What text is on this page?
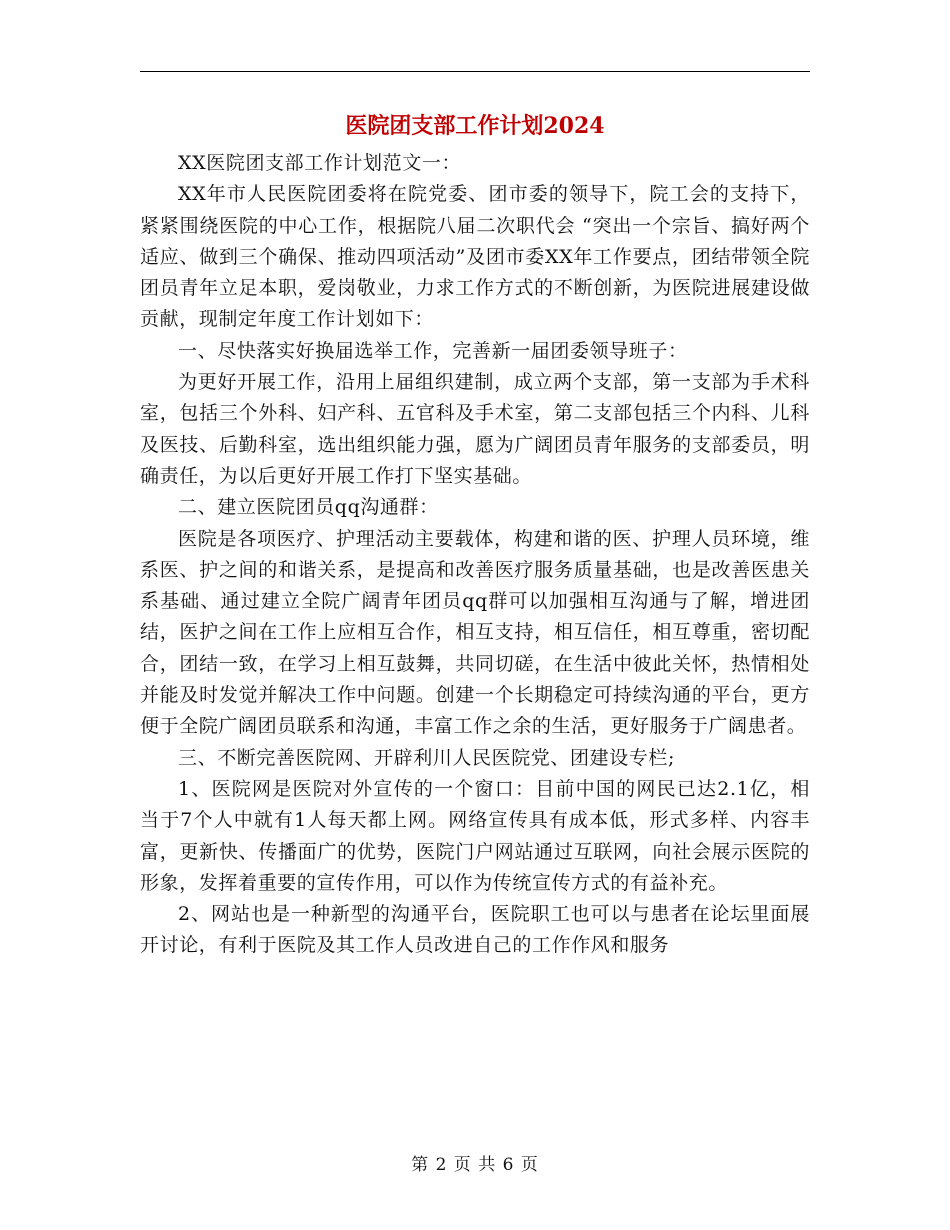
医院团支部工作计划2024

XX医院团支部工作计划范文一：

XX年市人民医院团委将在院党委、团市委的领导下，院工会的支持下，紧紧围绕医院的中心工作，根据院八届二次职代会 “突出一个宗旨、搞好两个适应、做到三个确保、推动四项活动”及团市委XX年工作要点，团结带领全院团员青年立足本职，爱岗敬业，力求工作方式的不断创新，为医院进展建设做贡献，现制定年度工作计划如下：

一、尽快落实好换届选举工作，完善新一届团委领导班子：

为更好开展工作，沿用上届组织建制，成立两个支部，第一支部为手术科室，包括三个外科、妇产科、五官科及手术室，第二支部包括三个内科、儿科及医技、后勤科室，选出组织能力强，愿为广阔团员青年服务的支部委员，明确责任，为以后更好开展工作打下坚实基础。

二、建立医院团员qq沟通群：

医院是各项医疗、护理活动主要载体，构建和谐的医、护理人员环境，维系医、护之间的和谐关系，是提高和改善医疗服务质量基础，也是改善医患关系基础、通过建立全院广阔青年团员qq群可以加强相互沟通与了解，增进团结，医护之间在工作上应相互合作，相互支持，相互信任，相互尊重，密切配合，团结一致，在学习上相互鼓舞，共同切磋，在生活中彼此关怀，热情相处并能及时发觉并解决工作中问题。创建一个长期稳定可持续沟通的平台，更方便于全院广阔团员联系和沟通，丰富工作之余的生活，更好服务于广阔患者。

三、不断完善医院网、开辟利川人民医院党、团建设专栏;

1、医院网是医院对外宣传的一个窗口：目前中国的网民已达2.1亿，相当于7个人中就有1人每天都上网。网络宣传具有成本低，形式多样、内容丰富，更新快、传播面广的优势，医院门户网站通过互联网，向社会展示医院的形象，发挥着重要的宣传作用，可以作为传统宣传方式的有益补充。

2、网站也是一种新型的沟通平台，医院职工也可以与患者在论坛里面展开讨论，有利于医院及其工作人员改进自己的工作作风和服务

第 2 页 共 6 页
